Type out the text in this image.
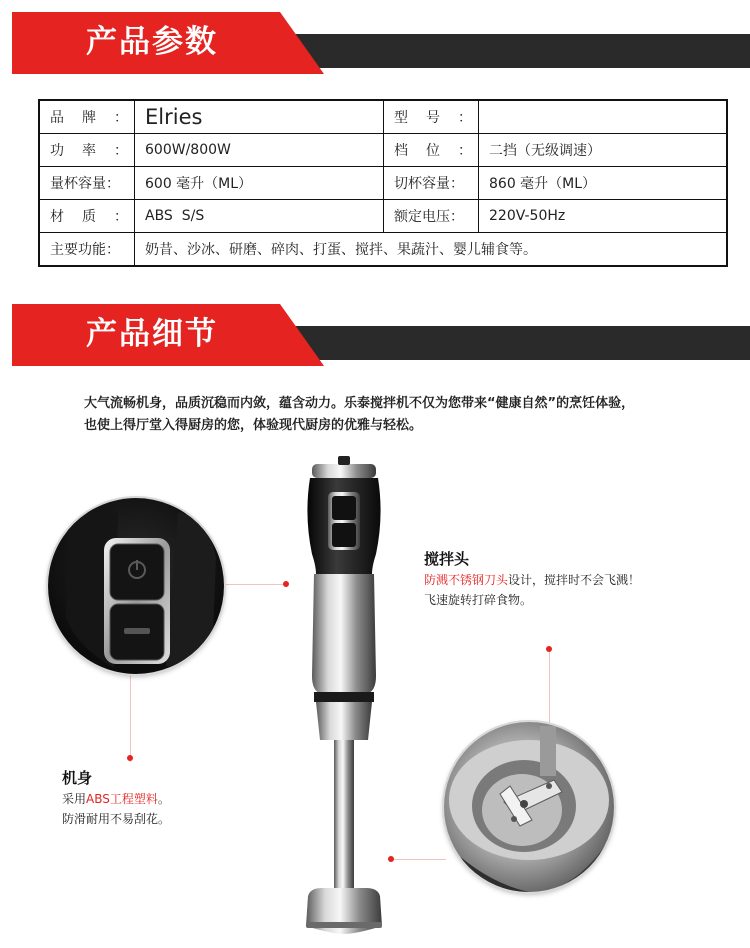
产品参数
品 牌 ：	Elries	型 号 ：	

功 率 ：	600W/800W	档 位 ：	二挡（无级调速）
量杯容量：	600 毫升（ML）	切杯容量：	860 毫升（ML）

材 质 ：	ABS  S/S	额定电压：	220V-50Hz
主要功能：	奶昔、沙冰、研磨、碎肉、打蛋、搅拌、果蔬汁、婴儿辅食等。		
产品细节
大气流畅机身，品质沉稳而内敛，蕴含动力。乐泰搅拌机不仅为您带来“健康自然”的烹饪体验，
也使上得厅堂入得厨房的您，体验现代厨房的优雅与轻松。
搅拌头
防溅不锈钢刀头设计，搅拌时不会飞溅！
飞速旋转打碎食物。
机身
采用ABS工程塑料。
防滑耐用不易刮花。
